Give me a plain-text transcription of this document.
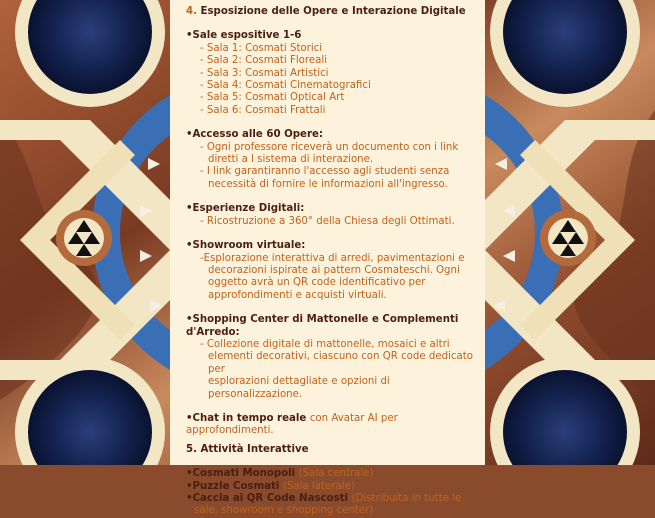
4. Esposizione delle Opere e Interazione Digitale

•Sale espositive 1-6

- Sala 1: Cosmati Storici

- Sala 2: Cosmati Floreali

- Sala 3: Cosmati Artistici

- Sala 4: Cosmati Cinematografici

- Sala 5: Cosmati Optical Art

- Sala 6: Cosmati Frattali

•Accesso alle 60 Opere:

- Ogni professore riceverà un documento con i link

diretti a l sistema di interazione.

- I link garantiranno l'accesso agli studenti senza

necessità di fornire le informazioni all'ingresso.

•Esperienze Digitali:

- Ricostruzione a 360° della Chiesa degli Ottimati.

•Showroom virtuale:

-Esplorazione interattiva di arredi, pavimentazioni e

decorazioni ispirate ai pattern Cosmateschi. Ogni

oggetto avrà un QR code identificativo per

approfondimenti e acquisti virtuali.

•Shopping Center di Mattonelle e Complementi d'Arredo:

- Collezione digitale di mattonelle, mosaici e altri

elementi decorativi, ciascuno con QR code dedicato per

esplorazioni dettagliate e opzioni di personalizzazione.

•Chat in tempo reale con Avatar AI per approfondimenti.

5. Attività Interattive

•Cosmati Monopoli (Sala centrale)

•Puzzle Cosmati (Sala laterale)

•Caccia ai QR Code Nascosti (Distribuita in tutte le

sale, showroom e shopping center)
